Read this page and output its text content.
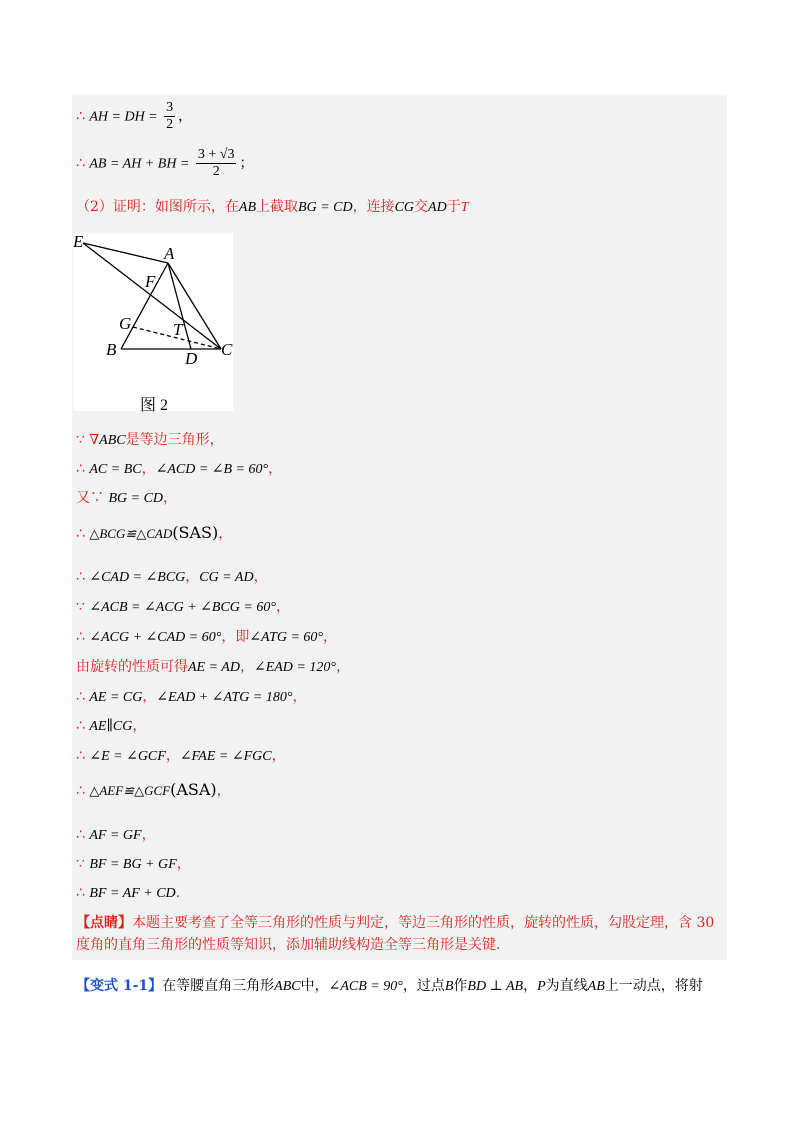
∴ AH = DH = $\frac{3}{2}$ ，
∴ AB = AH + BH = $\frac{3 + √3}{2}$ ；
（2）证明：如图所示，在AB上截取BG = CD，连接CG交AD于T
E
A
F
G T
B	D C
图 2
∵ ∇ABC是等边三角形，
∴ AC = BC，∠ACD = ∠B = 60°，
又∵ BG = CD，
∴ △BCG≌△CAD(SAS)，
∴ ∠CAD = ∠BCG，CG = AD，
∵ ∠ACB = ∠ACG + ∠BCG = 60°，
∴ ∠ACG + ∠CAD = 60°，即∠ATG = 60°，
由旋转的性质可得AE = AD，∠EAD = 120°，
∴ AE = CG，∠EAD + ∠ATG = 180°，
∴ AE∥CG，
∴ ∠E = ∠GCF，∠FAE = ∠FGC，
∴ △AEF≌△GCF(ASA)，
∴ AF = GF，
∵ BF = BG + GF，
∴ BF = AF + CD.
【点睛】本题主要考查了全等三角形的性质与判定，等边三角形的性质，旋转的性质，勾股定理，含 30 度角的直角三角形的性质等知识，添加辅助线构造全等三角形是关键.
【变式 1-1】在等腰直角三角形ABC中，∠ACB = 90°，过点B作BD ⊥ AB，P为直线AB上一动点，将射
